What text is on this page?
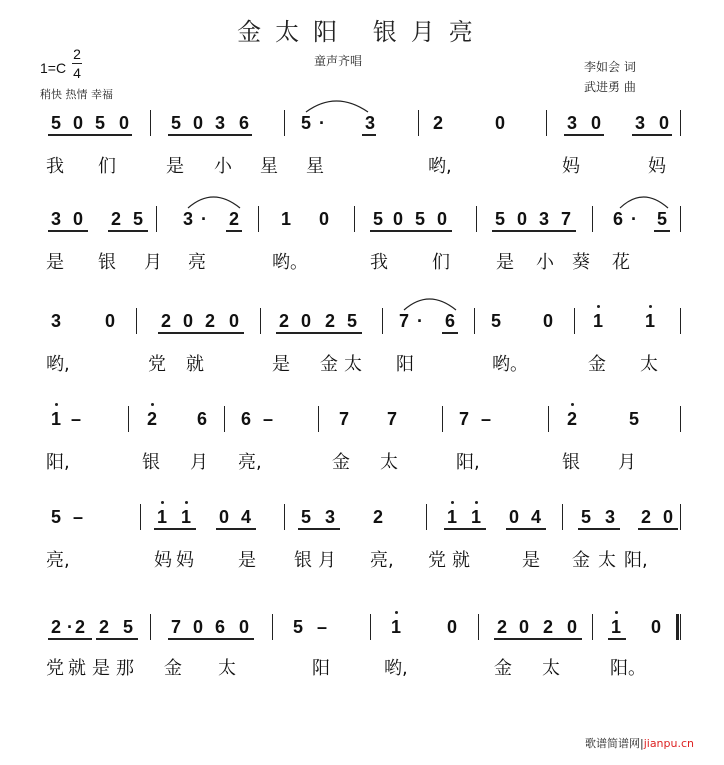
金太阳 银月亮
童声齐唱
1=C
2
4
稍快 热情 幸福
李如会 词
武进勇 曲
5 0 5 0 5 0 3 6	5 · 3	2	0	3 0 3 0
我 们	是 小 星 星	哟,	妈	妈
3 0 2 5 3 · 2 1 0 5 0 5 0	5 0 3 7 6 · 5
是 银 月 亮	哟。	我 们	是 小 葵 花
3 0	2 0 2 0 2 0 2 5 7 · 6 5 0 1 1
哟,	党 就	是 金 太 阳	哟。	金 太
1 –	2 6 6 –	7 7	7 –	2	5
阳,	银 月 亮,	金 太	阳,	银 月
5 –	1 1 0 4	5 3 2	1 1 0 4 5 3 2 0
亮,	妈 妈 是 银 月 亮, 党 就	是 金 太 阳,
2 · 2 2 5 7 0 6 0 5 –	1	0 2 0 2 0 1 0
党 就 是 那 金 太	阳	哟,	金 太	阳。
歌谱简谱网|jianpu.cn
